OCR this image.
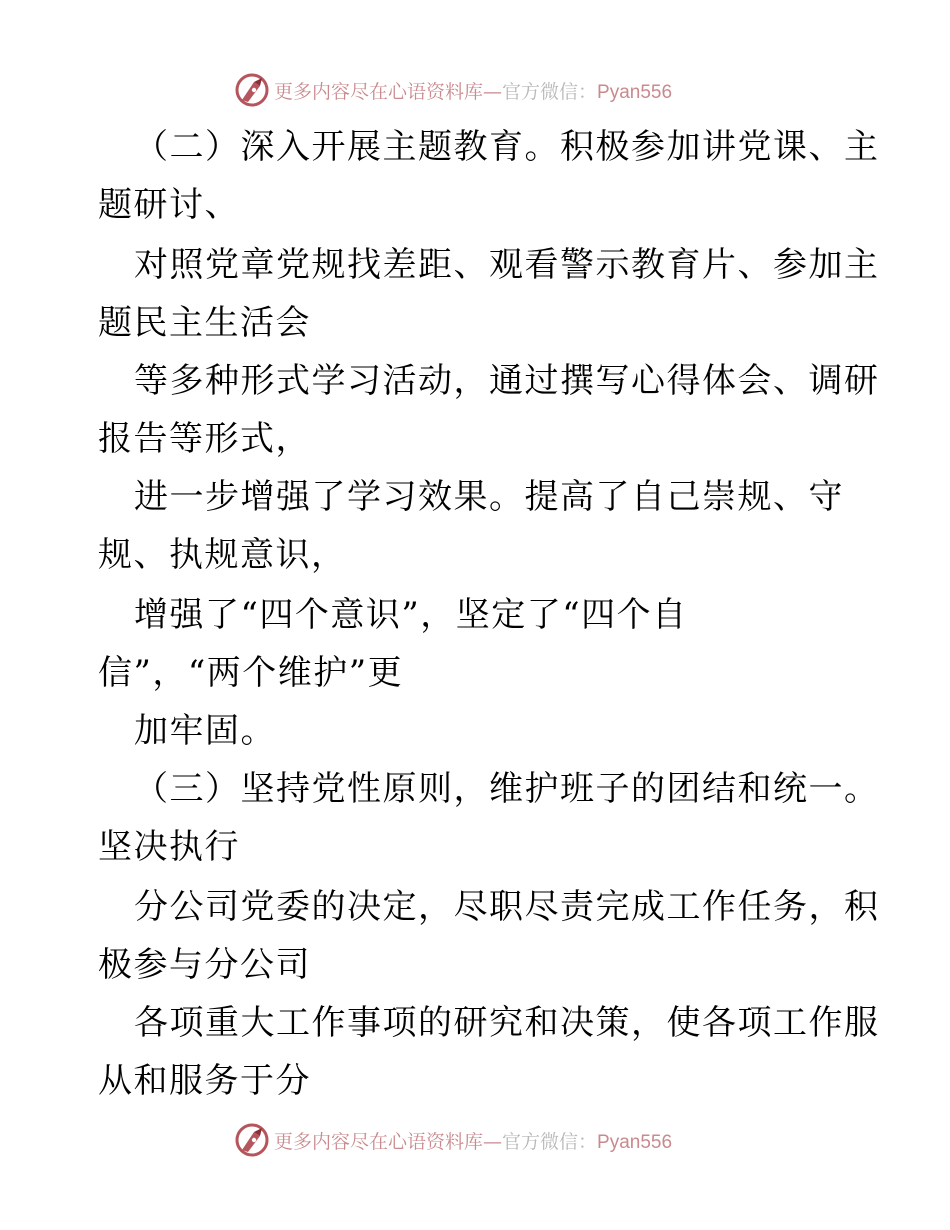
更多内容尽在心语资料库—官方微信：Pyan556
（二）深入开展主题教育。积极参加讲党课、主
题研讨、
对照党章党规找差距、观看警示教育片、参加主
题民主生活会
等多种形式学习活动，通过撰写心得体会、调研
报告等形式，
进一步增强了学习效果。提高了自己崇规、守
规、执规意识，
增强了“四个意识”，坚定了“四个自
信”，“两个维护”更
加牢固。
（三）坚持党性原则，维护班子的团结和统一。
坚决执行
分公司党委的决定，尽职尽责完成工作任务，积
极参与分公司
各项重大工作事项的研究和决策，使各项工作服
从和服务于分
更多内容尽在心语资料库—官方微信：Pyan556
